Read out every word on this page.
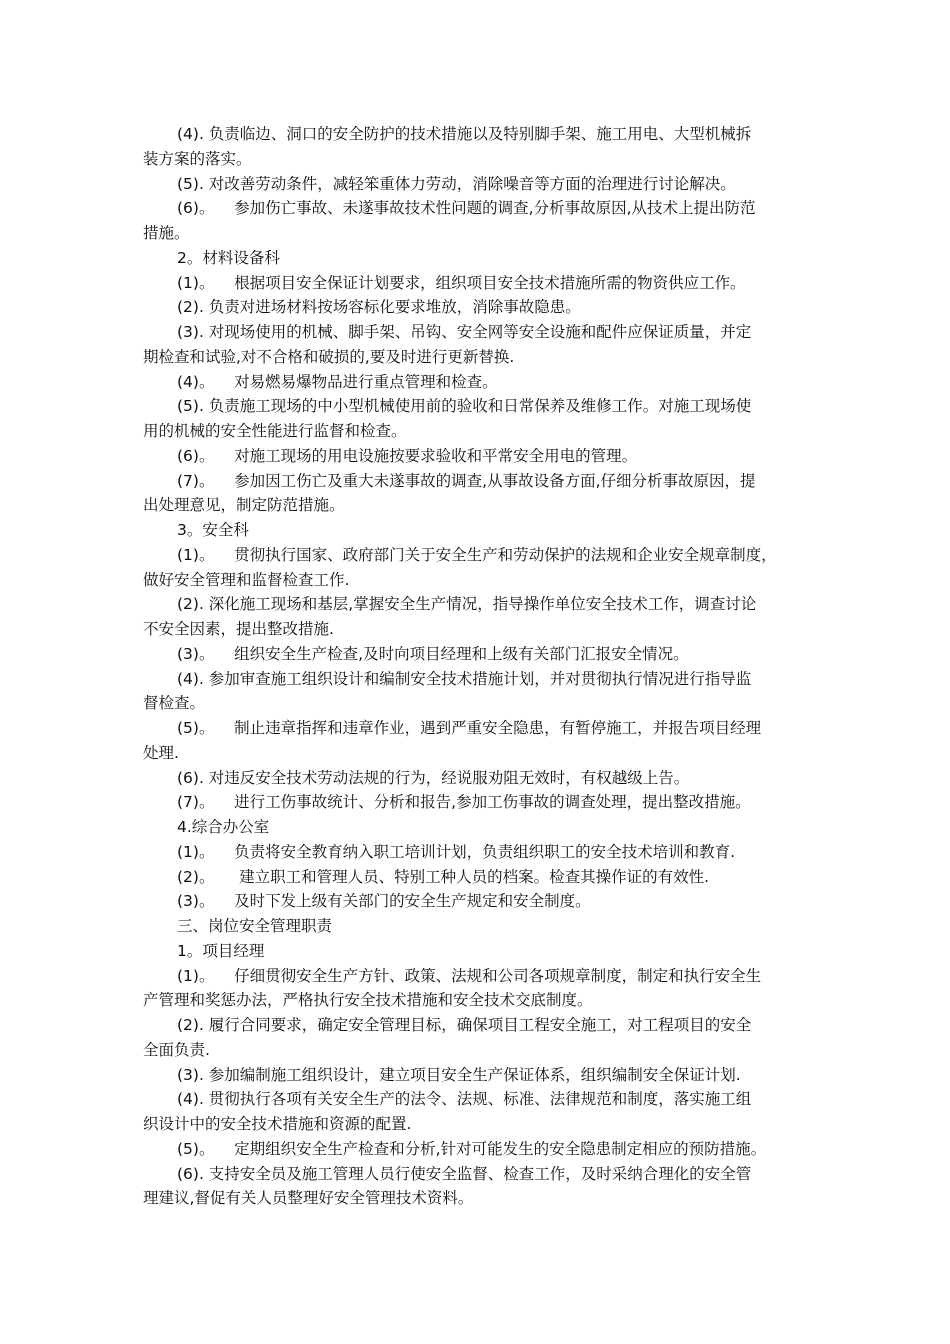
(4). 负责临边、洞口的安全防护的技术措施以及特别脚手架、施工用电、大型机械拆
装方案的落实。
(5). 对改善劳动条件，减轻笨重体力劳动，消除噪音等方面的治理进行讨论解决。
(6)。    参加伤亡事故、未遂事故技术性问题的调查,分析事故原因,从技术上提出防范
措施。
2。材料设备科
(1)。    根据项目安全保证计划要求，组织项目安全技术措施所需的物资供应工作。
(2). 负责对进场材料按场容标化要求堆放，消除事故隐患。
(3). 对现场使用的机械、脚手架、吊钩、安全网等安全设施和配件应保证质量，并定
期检查和试验,对不合格和破损的,要及时进行更新替换.
(4)。    对易燃易爆物品进行重点管理和检查。
(5). 负责施工现场的中小型机械使用前的验收和日常保养及维修工作。对施工现场使
用的机械的安全性能进行监督和检查。
(6)。    对施工现场的用电设施按要求验收和平常安全用电的管理。
(7)。    参加因工伤亡及重大未遂事故的调查,从事故设备方面,仔细分析事故原因，提
出处理意见，制定防范措施。
3。安全科
(1)。    贯彻执行国家、政府部门关于安全生产和劳动保护的法规和企业安全规章制度，
做好安全管理和监督检查工作.
(2). 深化施工现场和基层,掌握安全生产情况，指导操作单位安全技术工作，调查讨论
不安全因素，提出整改措施.
(3)。    组织安全生产检查,及时向项目经理和上级有关部门汇报安全情况。
(4). 参加审查施工组织设计和编制安全技术措施计划，并对贯彻执行情况进行指导监
督检查。
(5)。    制止违章指挥和违章作业，遇到严重安全隐患，有暂停施工，并报告项目经理
处理.
(6). 对违反安全技术劳动法规的行为，经说服劝阻无效时，有权越级上告。
(7)。    进行工伤事故统计、分析和报告,参加工伤事故的调查处理，提出整改措施。
4.综合办公室
(1)。    负责将安全教育纳入职工培训计划，负责组织职工的安全技术培训和教育.
(2)。     建立职工和管理人员、特别工种人员的档案。检查其操作证的有效性.
(3)。    及时下发上级有关部门的安全生产规定和安全制度。
三、岗位安全管理职责
1。项目经理
(1)。    仔细贯彻安全生产方针、政策、法规和公司各项规章制度，制定和执行安全生
产管理和奖惩办法，严格执行安全技术措施和安全技术交底制度。
(2). 履行合同要求，确定安全管理目标，确保项目工程安全施工，对工程项目的安全
全面负责.
(3). 参加编制施工组织设计，建立项目安全生产保证体系，组织编制安全保证计划.
(4). 贯彻执行各项有关安全生产的法令、法规、标准、法律规范和制度，落实施工组
织设计中的安全技术措施和资源的配置.
(5)。    定期组织安全生产检查和分析,针对可能发生的安全隐患制定相应的预防措施。
(6). 支持安全员及施工管理人员行使安全监督、检查工作，及时采纳合理化的安全管
理建议,督促有关人员整理好安全管理技术资料。
